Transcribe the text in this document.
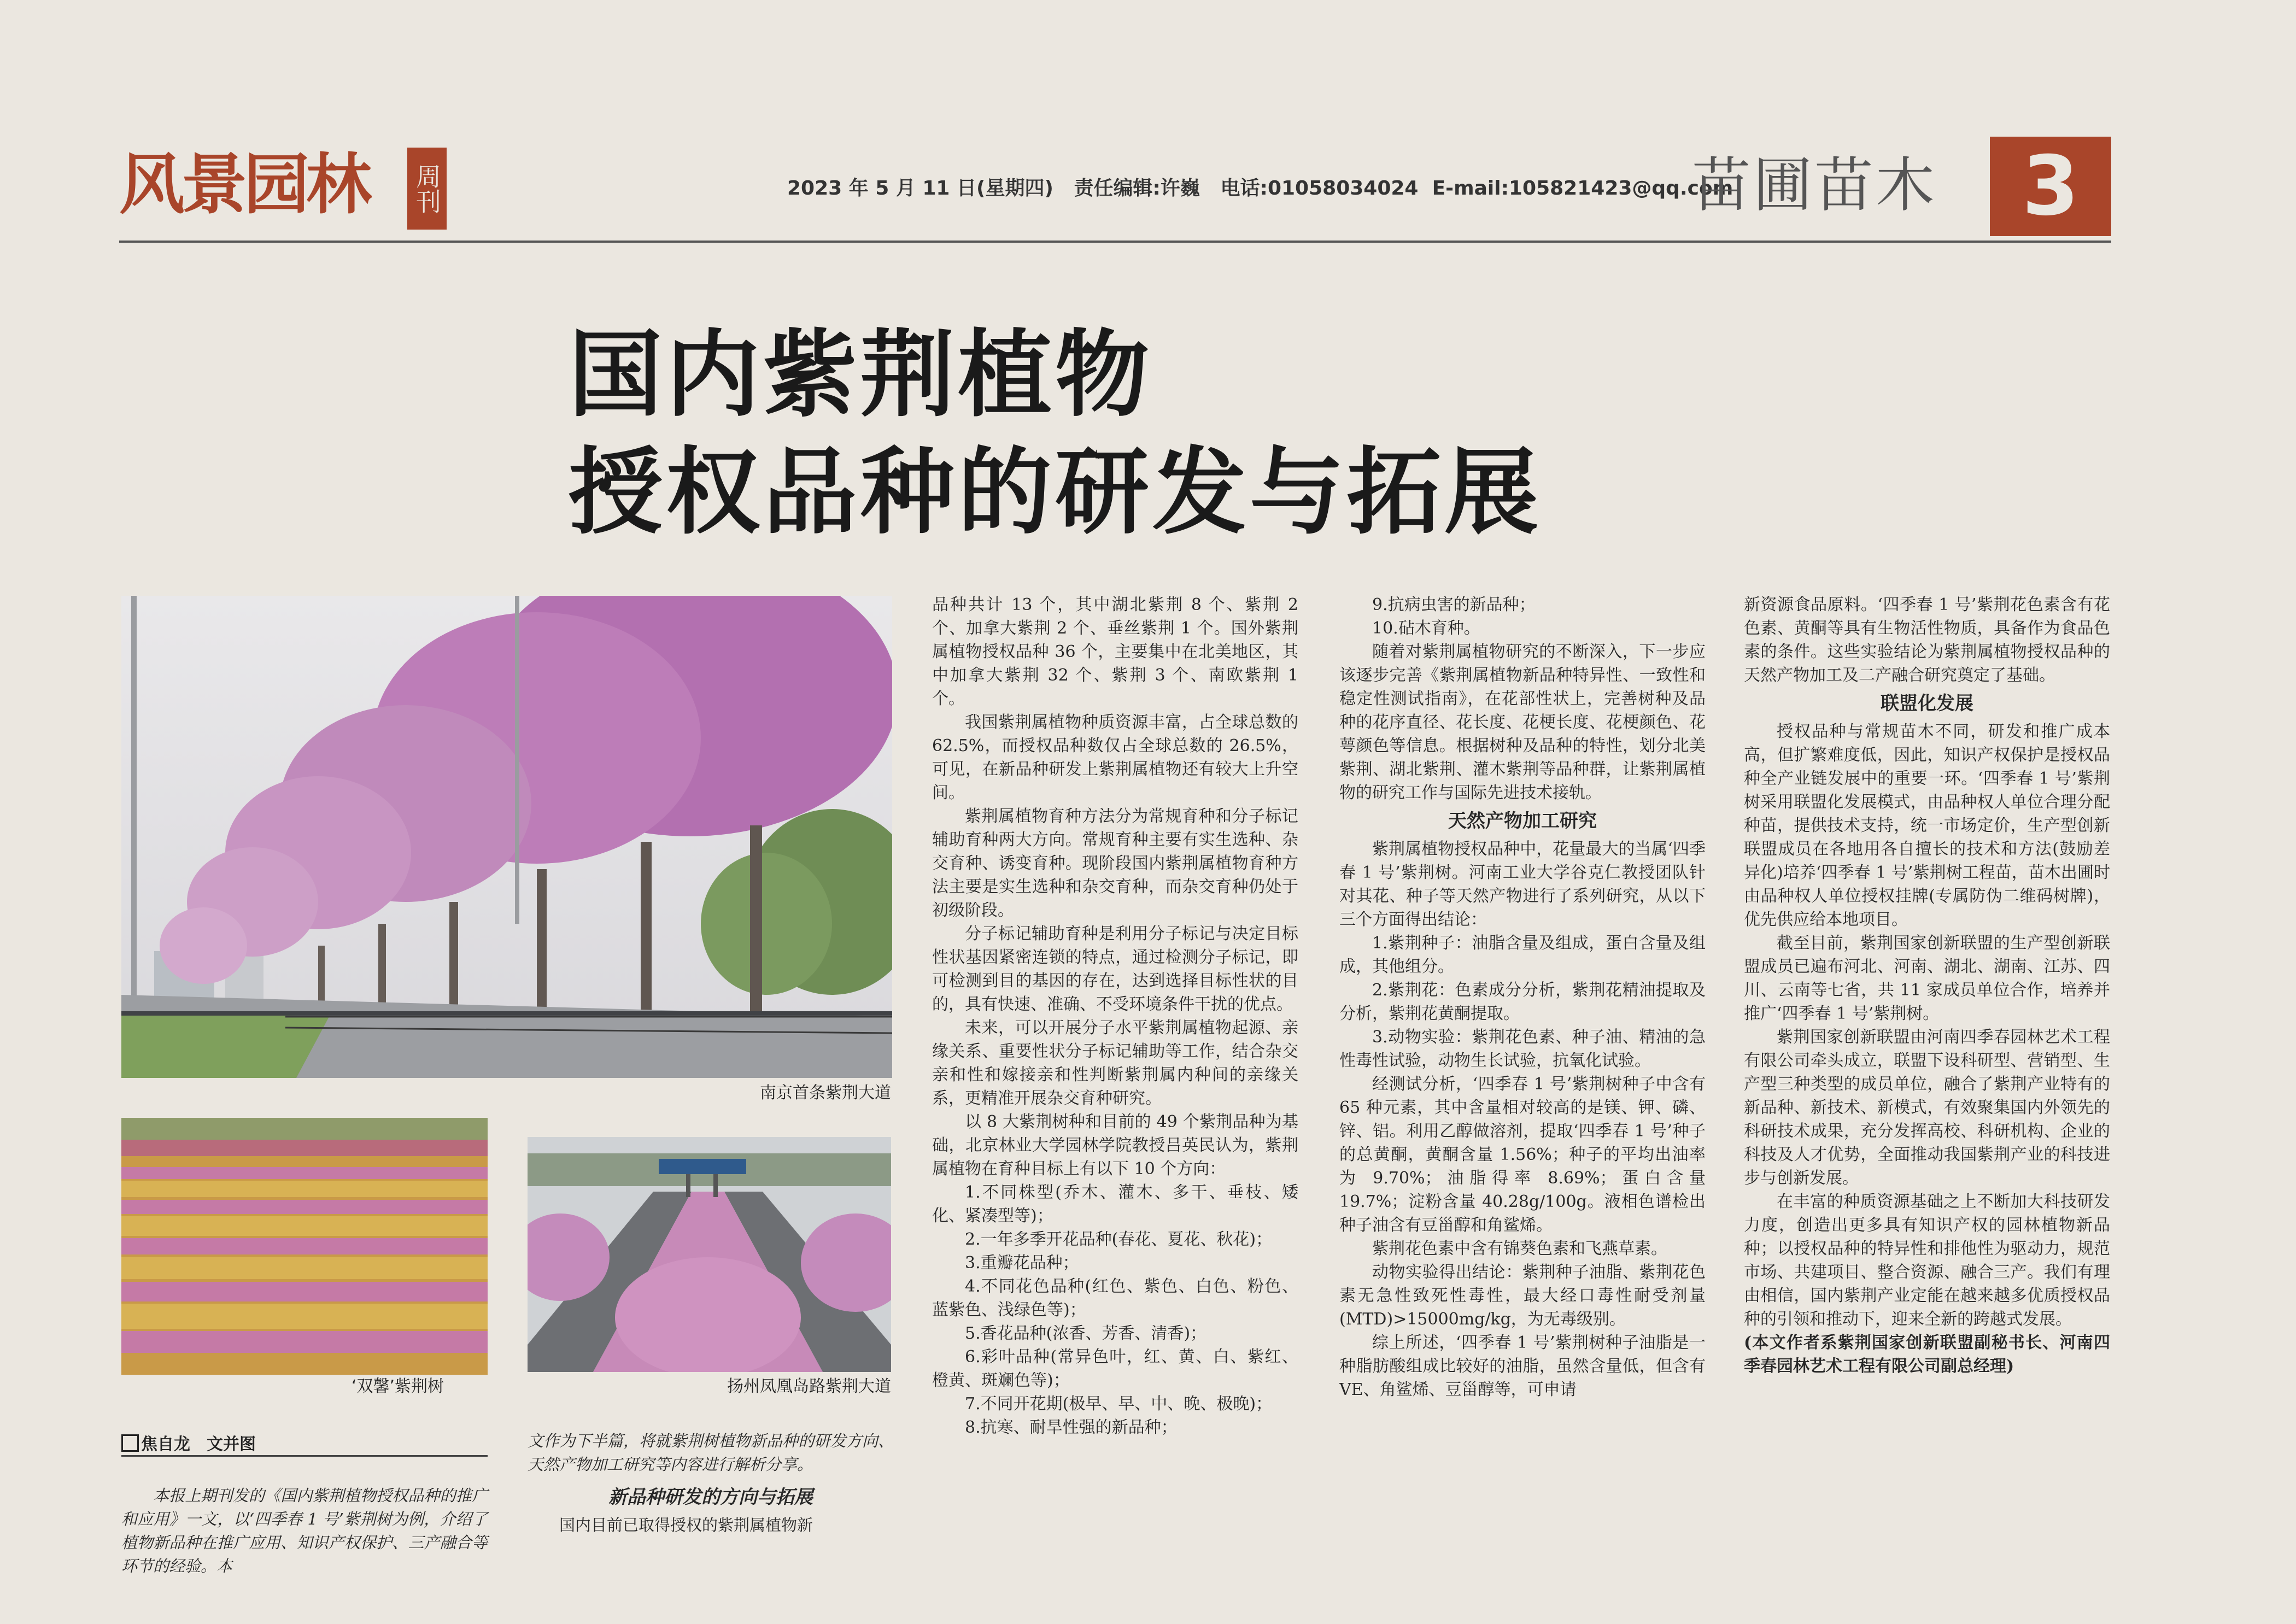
风景园林	周刊	2023 年 5 月 11 日(星期四) 责任编辑:许巍 电话:01058034024 E-mail:105821423@qq.com
苗圃苗木	3
国内紫荆植物
授权品种的研发与拓展
南京首条紫荆大道
‘双馨’紫荆树	扬州凤凰岛路紫荆大道
焦自龙　文并图

本报上期刊发的《国内紫荆植物授权品种的推广和应用》一文，以‘四季春 1 号’紫荆树为例，介绍了植物新品种在推广应用、知识产权保护、三产融合等环节的经验。本

文作为下半篇，将就紫荆树植物新品种的研发方向、天然产物加工研究等内容进行解析分享。

新品种研发的方向与拓展

国内目前已取得授权的紫荆属植物新

品种共计 13 个，其中湖北紫荆 8 个、紫荆 2 个、加拿大紫荆 2 个、垂丝紫荆 1 个。国外紫荆属植物授权品种 36 个，主要集中在北美地区，其中加拿大紫荆 32 个、紫荆 3 个、南欧紫荆 1 个。

我国紫荆属植物种质资源丰富，占全球总数的 62.5%，而授权品种数仅占全球总数的 26.5%，可见，在新品种研发上紫荆属植物还有较大上升空间。

紫荆属植物育种方法分为常规育种和分子标记辅助育种两大方向。常规育种主要有实生选种、杂交育种、诱变育种。现阶段国内紫荆属植物育种方法主要是实生选种和杂交育种，而杂交育种仍处于初级阶段。

分子标记辅助育种是利用分子标记与决定目标性状基因紧密连锁的特点，通过检测分子标记，即可检测到目的基因的存在，达到选择目标性状的目的，具有快速、准确、不受环境条件干扰的优点。

未来，可以开展分子水平紫荆属植物起源、亲缘关系、重要性状分子标记辅助等工作，结合杂交亲和性和嫁接亲和性判断紫荆属内种间的亲缘关系，更精准开展杂交育种研究。

以 8 大紫荆树种和目前的 49 个紫荆品种为基础，北京林业大学园林学院教授吕英民认为，紫荆属植物在育种目标上有以下 10 个方向：

1.不同株型(乔木、灌木、多干、垂枝、矮化、紧凑型等)；

2.一年多季开花品种(春花、夏花、秋花)；

3.重瓣花品种；

4.不同花色品种(红色、紫色、白色、粉色、蓝紫色、浅绿色等)；

5.香花品种(浓香、芳香、清香)；

6.彩叶品种(常异色叶，红、黄、白、紫红、橙黄、斑斓色等)；

7.不同开花期(极早、早、中、晚、极晚)；

8.抗寒、耐旱性强的新品种；

9.抗病虫害的新品种；

10.砧木育种。

随着对紫荆属植物研究的不断深入，下一步应该逐步完善《紫荆属植物新品种特异性、一致性和稳定性测试指南》，在花部性状上，完善树种及品种的花序直径、花长度、花梗长度、花梗颜色、花萼颜色等信息。根据树种及品种的特性，划分北美紫荆、湖北紫荆、灌木紫荆等品种群，让紫荆属植物的研究工作与国际先进技术接轨。

天然产物加工研究

紫荆属植物授权品种中，花量最大的当属‘四季春 1 号’紫荆树。河南工业大学谷克仁教授团队针对其花、种子等天然产物进行了系列研究，从以下三个方面得出结论：

1.紫荆种子：油脂含量及组成，蛋白含量及组成，其他组分。

2.紫荆花：色素成分分析，紫荆花精油提取及分析，紫荆花黄酮提取。

3.动物实验：紫荆花色素、种子油、精油的急性毒性试验，动物生长试验，抗氧化试验。

经测试分析，‘四季春 1 号’紫荆树种子中含有 65 种元素，其中含量相对较高的是镁、钾、磷、锌、铝。利用乙醇做溶剂，提取‘四季春 1 号’种子的总黄酮，黄酮含量 1.56%；种子的平均出油率为 9.70%；油脂得率 8.69%；蛋白含量 19.7%；淀粉含量 40.28g/100g。液相色谱检出种子油含有豆甾醇和角鲨烯。

紫荆花色素中含有锦葵色素和飞燕草素。

动物实验得出结论：紫荆种子油脂、紫荆花色素无急性致死性毒性，最大经口毒性耐受剂量(MTD)>15000mg/kg，为无毒级别。

综上所述，‘四季春 1 号’紫荆树种子油脂是一种脂肪酸组成比较好的油脂，虽然含量低，但含有 VE、角鲨烯、豆甾醇等，可申请

新资源食品原料。‘四季春 1 号’紫荆花色素含有花色素、黄酮等具有生物活性物质，具备作为食品色素的条件。这些实验结论为紫荆属植物授权品种的天然产物加工及二产融合研究奠定了基础。

联盟化发展

授权品种与常规苗木不同，研发和推广成本高，但扩繁难度低，因此，知识产权保护是授权品种全产业链发展中的重要一环。‘四季春 1 号’紫荆树采用联盟化发展模式，由品种权人单位合理分配种苗，提供技术支持，统一市场定价，生产型创新联盟成员在各地用各自擅长的技术和方法(鼓励差异化)培养‘四季春 1 号’紫荆树工程苗，苗木出圃时由品种权人单位授权挂牌(专属防伪二维码树牌)，优先供应给本地项目。

截至目前，紫荆国家创新联盟的生产型创新联盟成员已遍布河北、河南、湖北、湖南、江苏、四川、云南等七省，共 11 家成员单位合作，培养并推广‘四季春 1 号’紫荆树。

紫荆国家创新联盟由河南四季春园林艺术工程有限公司牵头成立，联盟下设科研型、营销型、生产型三种类型的成员单位，融合了紫荆产业特有的新品种、新技术、新模式，有效聚集国内外领先的科研技术成果，充分发挥高校、科研机构、企业的科技及人才优势，全面推动我国紫荆产业的科技进步与创新发展。

在丰富的种质资源基础之上不断加大科技研发力度，创造出更多具有知识产权的园林植物新品种；以授权品种的特异性和排他性为驱动力，规范市场、共建项目、整合资源、融合三产。我们有理由相信，国内紫荆产业定能在越来越多优质授权品种的引领和推动下，迎来全新的跨越式发展。

(本文作者系紫荆国家创新联盟副秘书长、河南四季春园林艺术工程有限公司副总经理)
